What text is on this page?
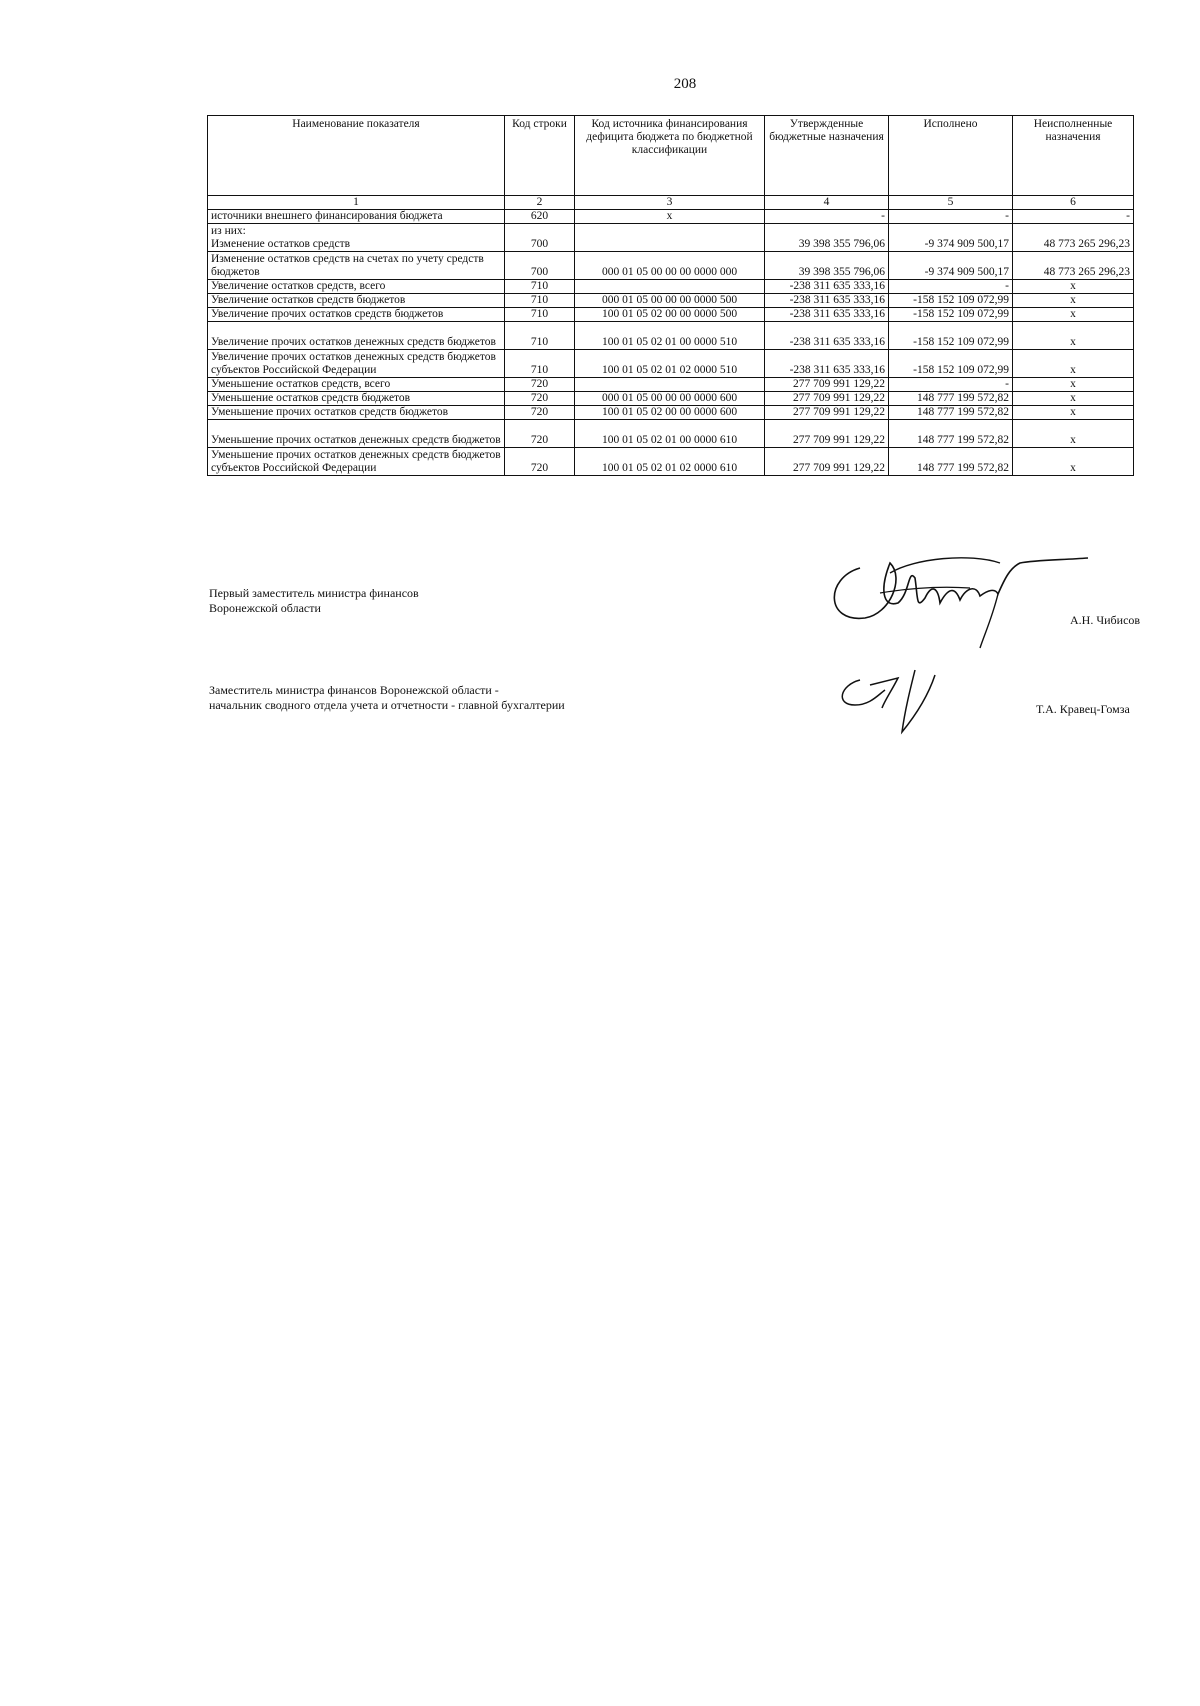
208
Наименование показателя	Код строки	Код источника финансирования дефицита бюджета по бюджетной классификации	Утвержденные бюджетные назначения	Исполнено	Неисполненные назначения
1	2	3	4	5	6
источники внешнего финансирования бюджета	620	x	-	-	-
из них:
Изменение остатков средств	700		39 398 355 796,06	-9 374 909 500,17	48 773 265 296,23
Изменение остатков средств на счетах по учету средств бюджетов	700	000 01 05 00 00 00 0000 000	39 398 355 796,06	-9 374 909 500,17	48 773 265 296,23
Увеличение остатков средств, всего	710		-238 311 635 333,16	-	x
Увеличение остатков средств бюджетов	710	000 01 05 00 00 00 0000 500	-238 311 635 333,16	-158 152 109 072,99	x
Увеличение прочих остатков средств бюджетов	710	100 01 05 02 00 00 0000 500	-238 311 635 333,16	-158 152 109 072,99	x
Увеличение прочих остатков денежных средств бюджетов	710	100 01 05 02 01 00 0000 510	-238 311 635 333,16	-158 152 109 072,99	x
Увеличение прочих остатков денежных средств бюджетов субъектов Российской Федерации	710	100 01 05 02 01 02 0000 510	-238 311 635 333,16	-158 152 109 072,99	x
Уменьшение остатков средств, всего	720		277 709 991 129,22	-	x
Уменьшение остатков средств бюджетов	720	000 01 05 00 00 00 0000 600	277 709 991 129,22	148 777 199 572,82	x
Уменьшение прочих остатков средств бюджетов	720	100 01 05 02 00 00 0000 600	277 709 991 129,22	148 777 199 572,82	x
Уменьшение прочих остатков денежных средств бюджетов	720	100 01 05 02 01 00 0000 610	277 709 991 129,22	148 777 199 572,82	x
Уменьшение прочих остатков денежных средств бюджетов субъектов Российской Федерации	720	100 01 05 02 01 02 0000 610	277 709 991 129,22	148 777 199 572,82	x
Первый заместитель министра финансов
Воронежской области
А.Н. Чибисов
Заместитель министра финансов Воронежской области -
начальник сводного отдела учета и отчетности - главной бухгалтерии	Т.А. Кравец-Гомза
